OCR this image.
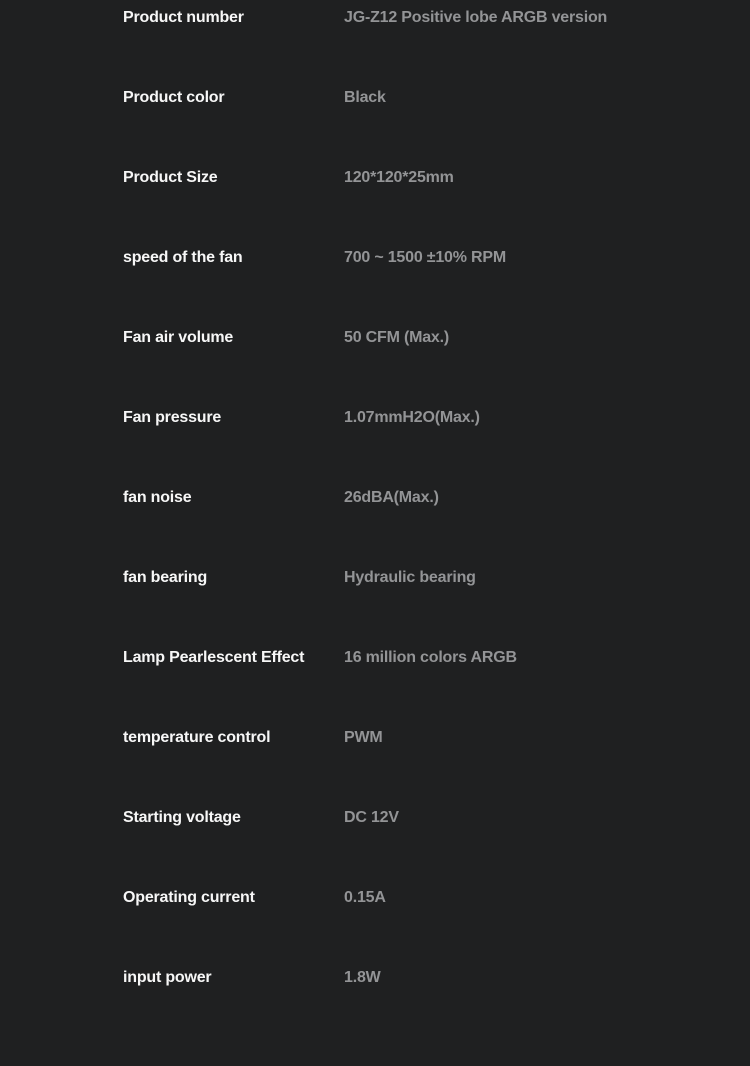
Product number	JG-Z12 Positive lobe ARGB version
Product color	Black
Product Size	120*120*25mm
speed of the fan	700 ~ 1500 ±10% RPM
Fan air volume	50 CFM (Max.)
Fan pressure	1.07mmH2O(Max.)
fan noise	26dBA(Max.)
fan bearing	Hydraulic bearing
Lamp Pearlescent Effect	16 million colors ARGB
temperature control	PWM
Starting voltage	DC 12V
Operating current	0.15A
input power	1.8W
